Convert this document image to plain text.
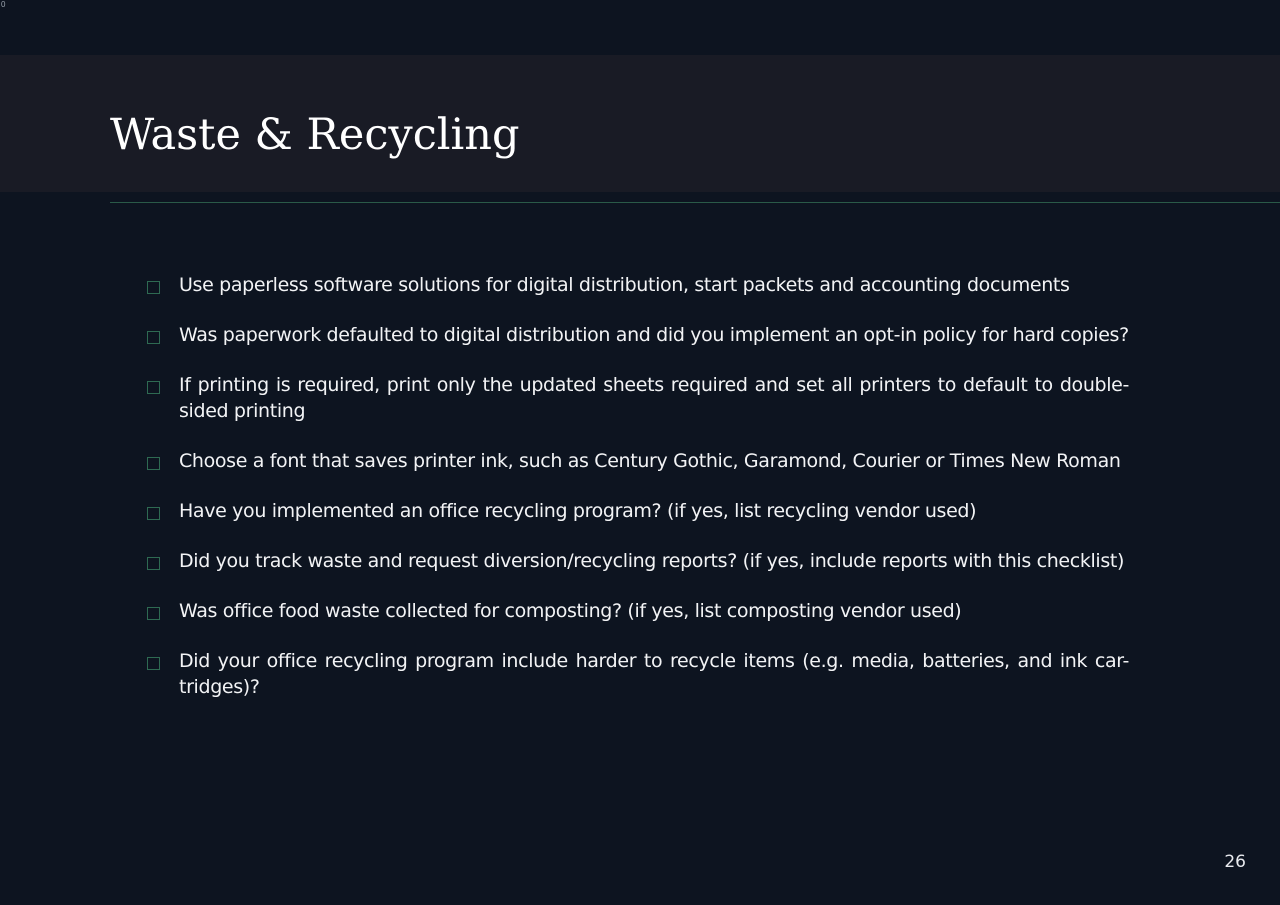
0
Waste & Recycling
Use paperless software solutions for digital distribution, start packets and accounting documents
Was paperwork defaulted to digital distribution and did you implement an opt-in policy for hard copies?
If printing is required, print only the updated sheets required and set all printers to default to double-sided printing
Choose a font that saves printer ink, such as Century Gothic, Garamond, Courier or Times New Roman
Have you implemented an office recycling program? (if yes, list recycling vendor used)
Did you track waste and request diversion/recycling reports? (if yes, include reports with this checklist)
Was office food waste collected for composting? (if yes, list composting vendor used)
Did your office recycling program include harder to recycle items (e.g. media, batteries, and ink car-tridges)?
26
